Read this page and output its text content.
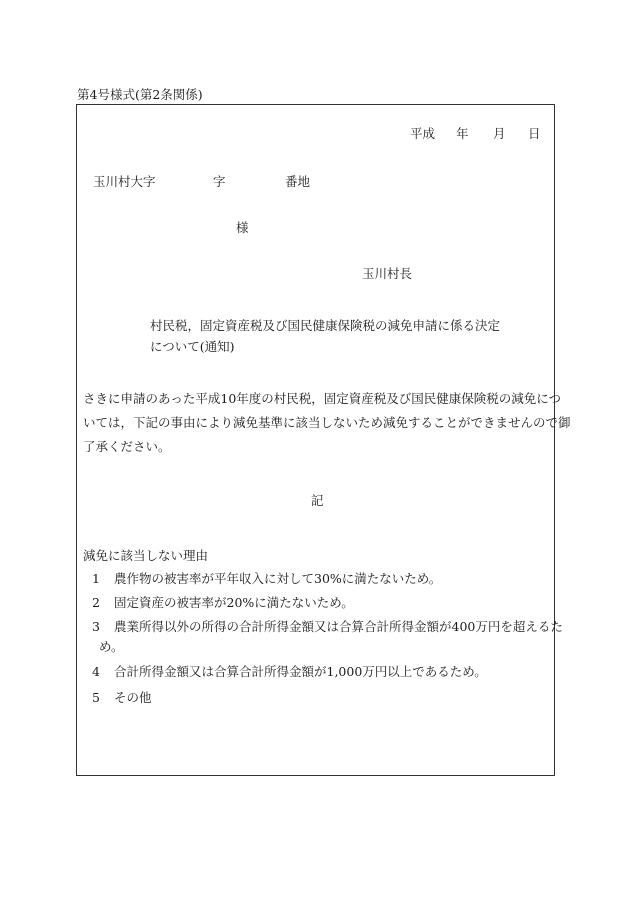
第4号様式(第2条関係)
平成 年 月 日
玉川村大字	字	番地
様
玉川村長
村民税，固定資産税及び国民健康保険税の減免申請に係る決定
について(通知)
さきに申請のあった平成10年度の村民税，固定資産税及び国民健康保険税の減免につ
いては，下記の事由により減免基準に該当しないため減免することができませんので御
了承ください。
記
減免に該当しない理由
1 農作物の被害率が平年収入に対して30%に満たないため。
2 固定資産の被害率が20%に満たないため。
3 農業所得以外の所得の合計所得金額又は合算合計所得金額が400万円を超えるた
め。
4 合計所得金額又は合算合計所得金額が1,000万円以上であるため。
5 その他
